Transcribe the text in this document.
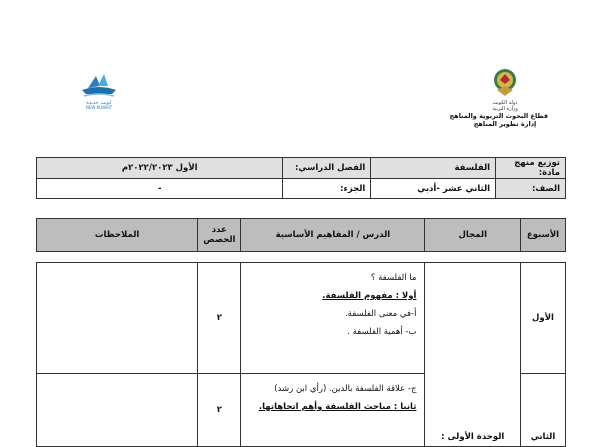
كويت جديدة
NEW KUWAIT
دولة الكويت
وزارة التربية
قطاع البحوث التربوية والمناهج
إدارة تطوير المناهج
توزيع منهج مادة:	الفلسفة	الفصل الدراسي:	الأول ٢٠٢٢/٢٠٢٣م
الصف:	الثاني عشر -أدبي	الجزء:	-
الأسبوع	المجال	الدرس / المفاهيم الأساسية	عدد الحصص	الملاحظات

الأول	الوحدة الأولى :	ما الفلسفة ؟
أولا : مفهوم الفلسفة.
أ-في معنى الفلسفة.
ب- أهمية الفلسفة .	٢	
الثاني		ج- علاقة الفلسفة بالدين. (رأي ابن رشد)
ثانيا : مباحث الفلسفة وأهم اتجاهاتها.	٢	
